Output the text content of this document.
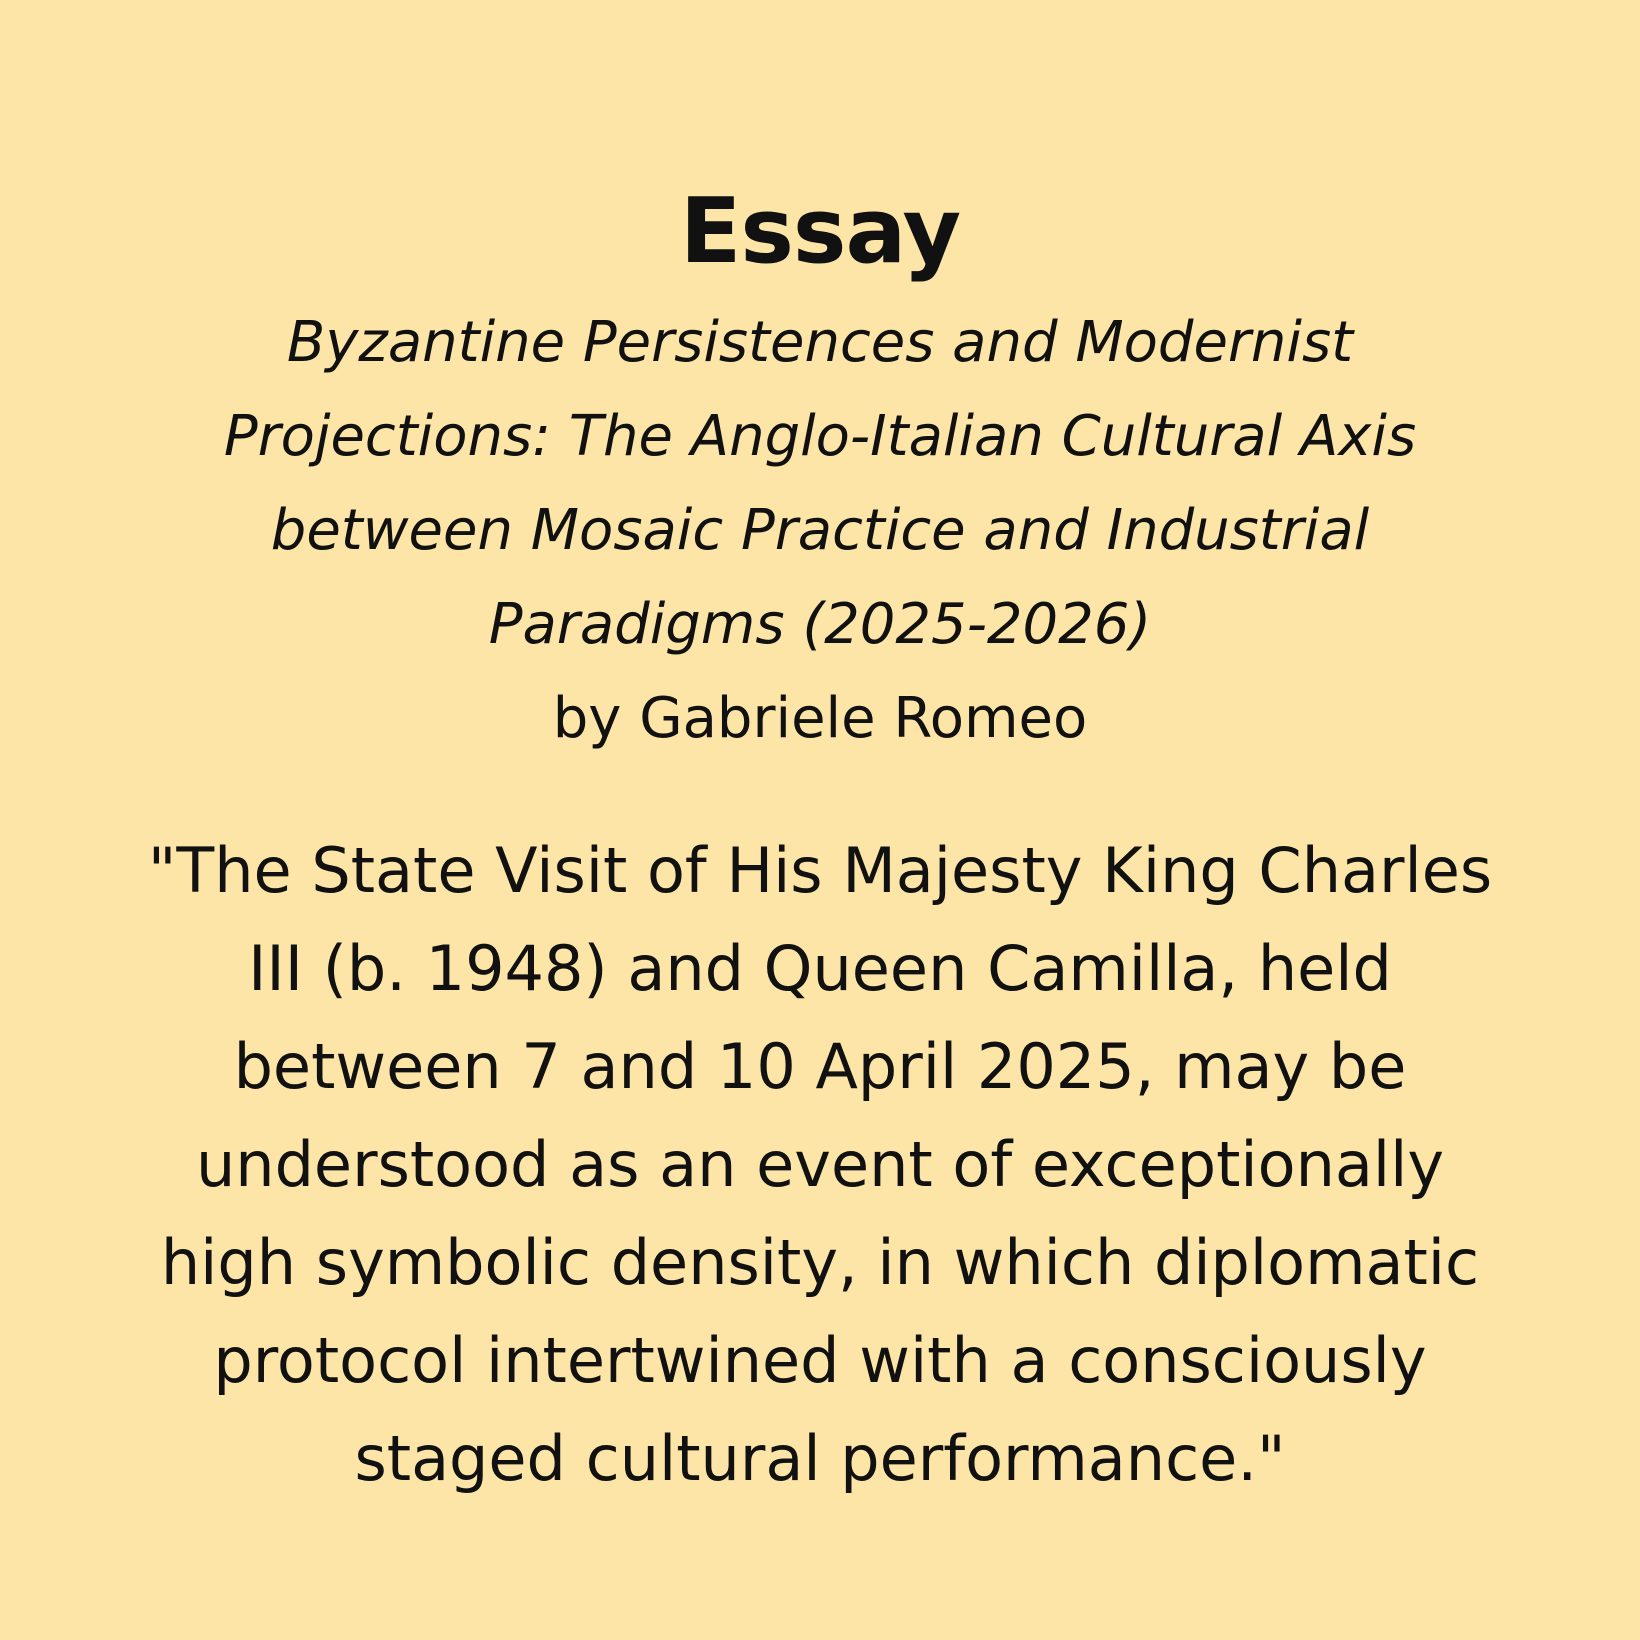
Essay
Byzantine Persistences and Modernist
Projections: The Anglo-Italian Cultural Axis
between Mosaic Practice and Industrial
Paradigms (2025-2026)

by Gabriele Romeo

"The State Visit of His Majesty King Charles
III (b. 1948) and Queen Camilla, held
between 7 and 10 April 2025, may be
understood as an event of exceptionally
high symbolic density, in which diplomatic
protocol intertwined with a consciously
staged cultural performance."
